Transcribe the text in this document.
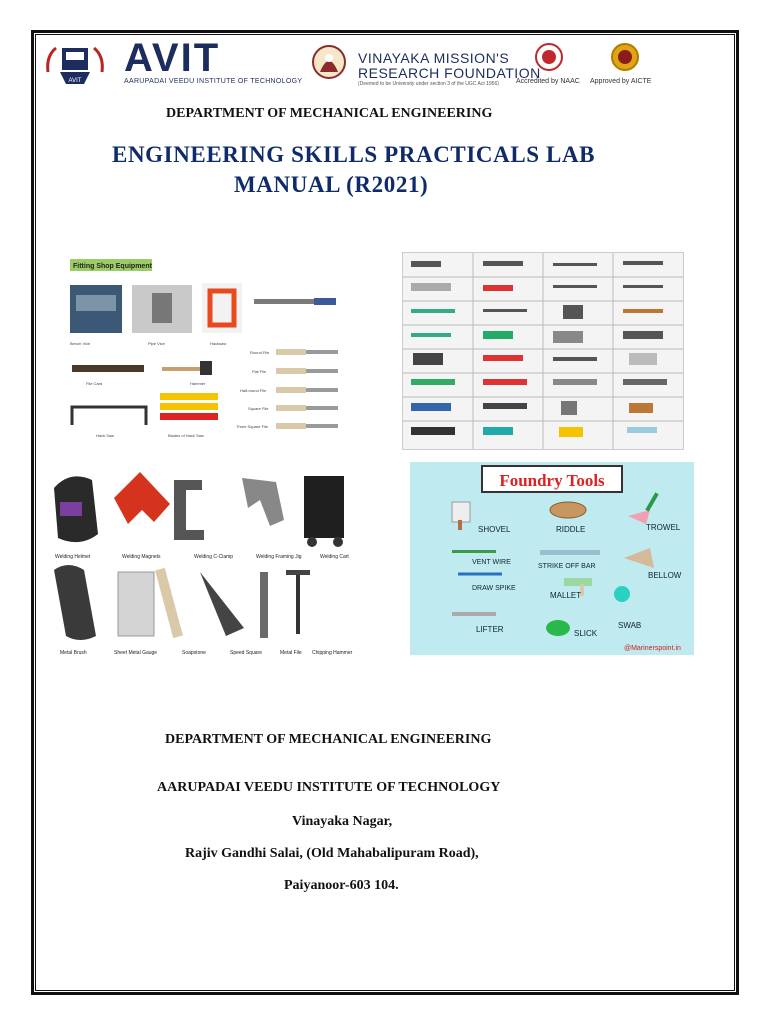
AVIT
AVIT
AARUPADAI VEEDU INSTITUTE OF TECHNOLOGY
VINAYAKA MISSION'S
RESEARCH FOUNDATION
(Deemed to be University under section 3 of the UGC Act 1956) Accredited by NAAC Approved by AICTE
DEPARTMENT OF MECHANICAL ENGINEERING
ENGINEERING SKILLS PRACTICALS LAB
MANUAL (R2021)
Fitting Shop Equipment
Bench Vice	Pipe Vice	Hacksaw
File Card	Hammer
Hack Saw	Blades of Hack Saw
Round File
Flat File
Half-round File
Square File
Three Square File
Welding Helmet	Welding Magnets	Welding C-Clamp	Welding Framing Jig	Welding Cart
Metal Brush	Sheet Metal Gauge	Soapstone	Speed Square	Metal File Chipping Hammer
Foundry Tools
SHOVEL	RIDDLE	TROWEL
VENT WIRE
STRIKE OFF BAR
BELLOW
DRAW SPIKE
MALLET
LIFTER	SLICK
SWAB
@Marinerspoint.in
DEPARTMENT OF MECHANICAL ENGINEERING
AARUPADAI VEEDU INSTITUTE OF TECHNOLOGY
Vinayaka Nagar,
Rajiv Gandhi Salai, (Old Mahabalipuram Road),
Paiyanoor-603 104.
